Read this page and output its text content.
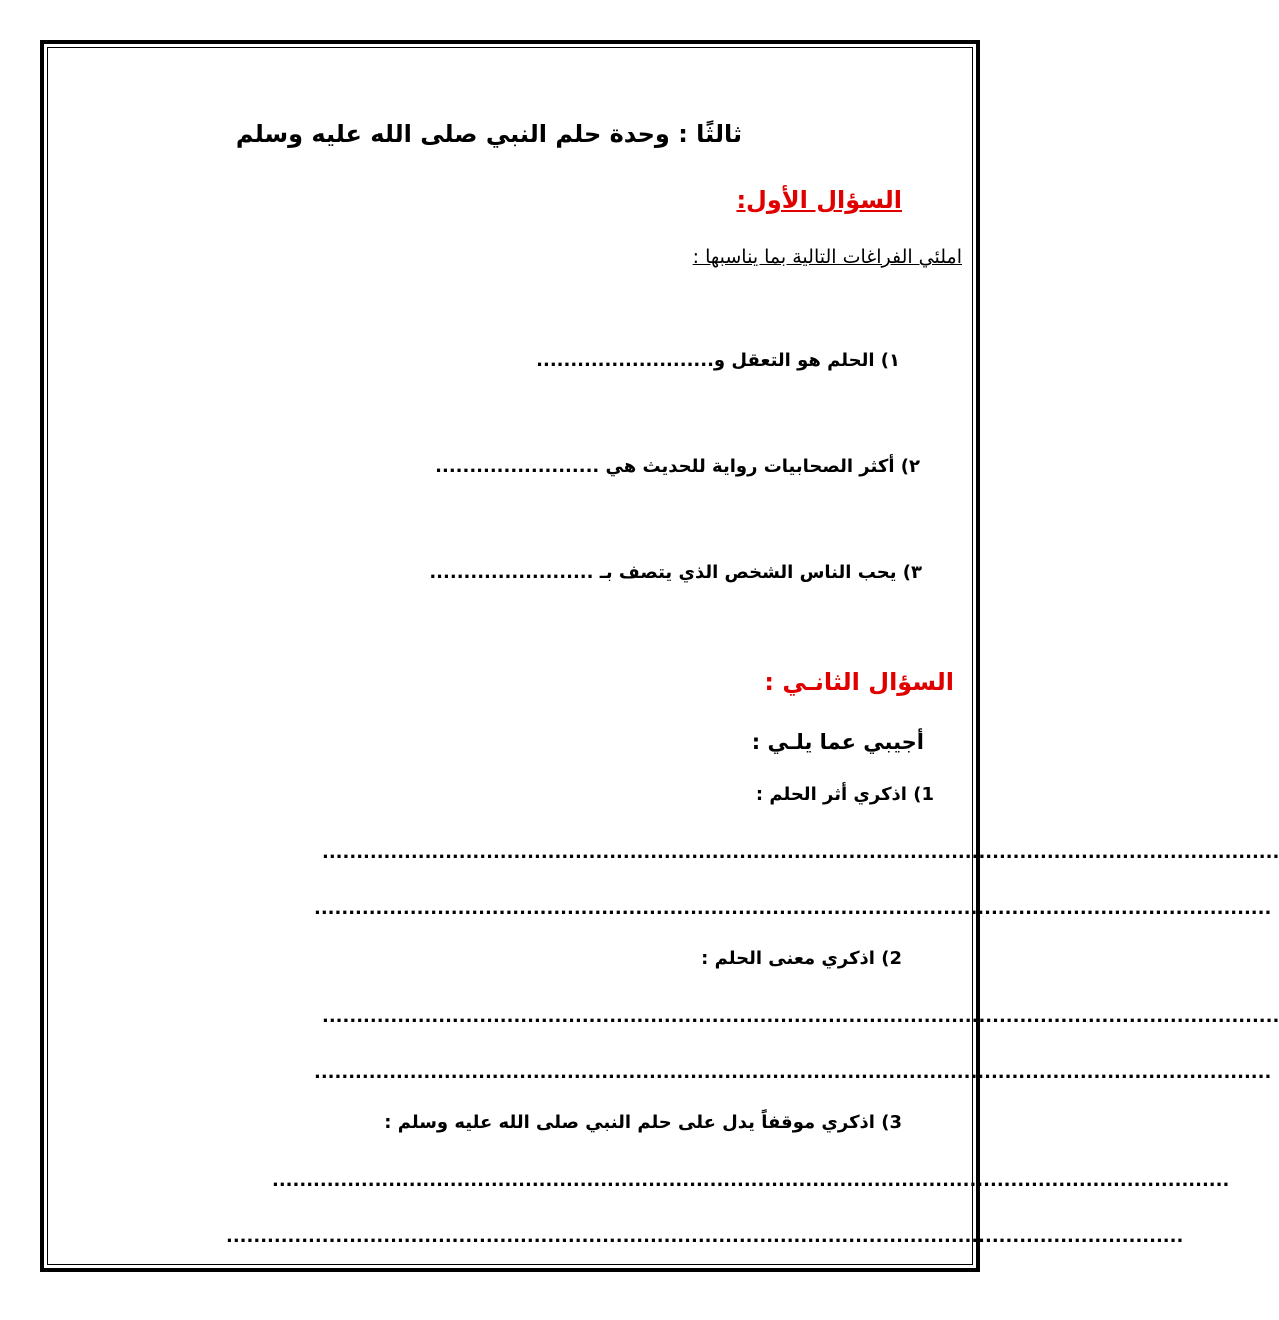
ثالثًا : وحدة حلم النبي صلى الله عليه وسلم
السؤال الأول:
املئي الفراغات التالية بما يناسبها :
١) الحلم هو التعقل و..........................
٢) أكثر الصحابيات رواية للحديث هي ........................
٣) يحب الناس الشخص الذي يتصف بـ ........................
السؤال الثانـي :
أجيبي عما يلـي :
1) اذكري أثر الحلم :
............................................................................................................................................
............................................................................................................................................
2) اذكري معنى الحلم :
............................................................................................................................................
............................................................................................................................................
3) اذكري موقفاً يدل على حلم النبي صلى الله عليه وسلم :
............................................................................................................................................
............................................................................................................................................
